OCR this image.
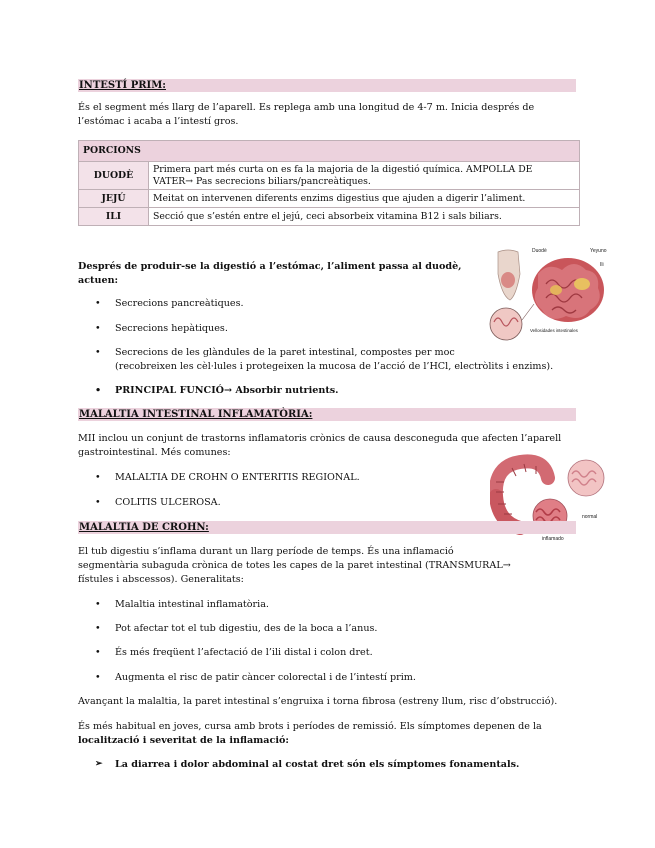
INTESTÍ PRIM:
És el segment més llarg de l’aparell. Es replega amb una longitud de 4-7 m. Inicia després de
l’estómac i acaba a l’intestí gros.
PORCIONS	
DUODÈ	Primera part més curta on es fa la majoria de la digestió química. AMPOLLA DE
VATER→ Pas secrecions biliars/pancreàtiques.
JEJÚ	Meitat on intervenen diferents enzims digestius que ajuden a digerir l’aliment.
ILI	Secció que s’estén entre el jejú, ceci absorbeix vitamina B12 i sals biliars.
Després de produir-se la digestió a l’estómac, l’aliment passa al duodè,
actuen:
• Secrecions pancreàtiques.
• Secrecions hepàtiques.
• Secrecions de les glàndules de la paret intestinal, compostes per moc
(recobreixen les cèl·lules i protegeixen la mucosa de l’acció de l’HCl, electròlits i enzims).
• PRINCIPAL FUNCIÓ→ Absorbir nutrients.
Duodè	Yeyuno
Ili
Vellosidades intestinales
MALALTIA INTESTINAL INFLAMATÒRIA:
MII inclou un conjunt de trastorns inflamatoris crònics de causa desconeguda que afecten l’aparell
gastrointestinal. Més comunes:
• MALALTIA DE CROHN O ENTERITIS REGIONAL.
• COLITIS ULCEROSA.
normal
inflamado
MALALTIA DE CROHN:
El tub digestiu s’inflama durant un llarg període de temps. És una inflamació
segmentària subaguda crònica de totes les capes de la paret intestinal (TRANSMURAL→
fístules i abscessos). Generalitats:
• Malaltia intestinal inflamatòria.
• Pot afectar tot el tub digestiu, des de la boca a l’anus.
• És més freqüent l’afectació de l’ili distal i colon dret.
• Augmenta el risc de patir càncer colorectal i de l’intestí prim.
Avançant la malaltia, la paret intestinal s’engruixa i torna fibrosa (estreny llum, risc d’obstrucció).
És més habitual en joves, cursa amb brots i períodes de remissió. Els símptomes depenen de la
localització i severitat de la inflamació:
➢ La diarrea i dolor abdominal al costat dret són els símptomes fonamentals.
